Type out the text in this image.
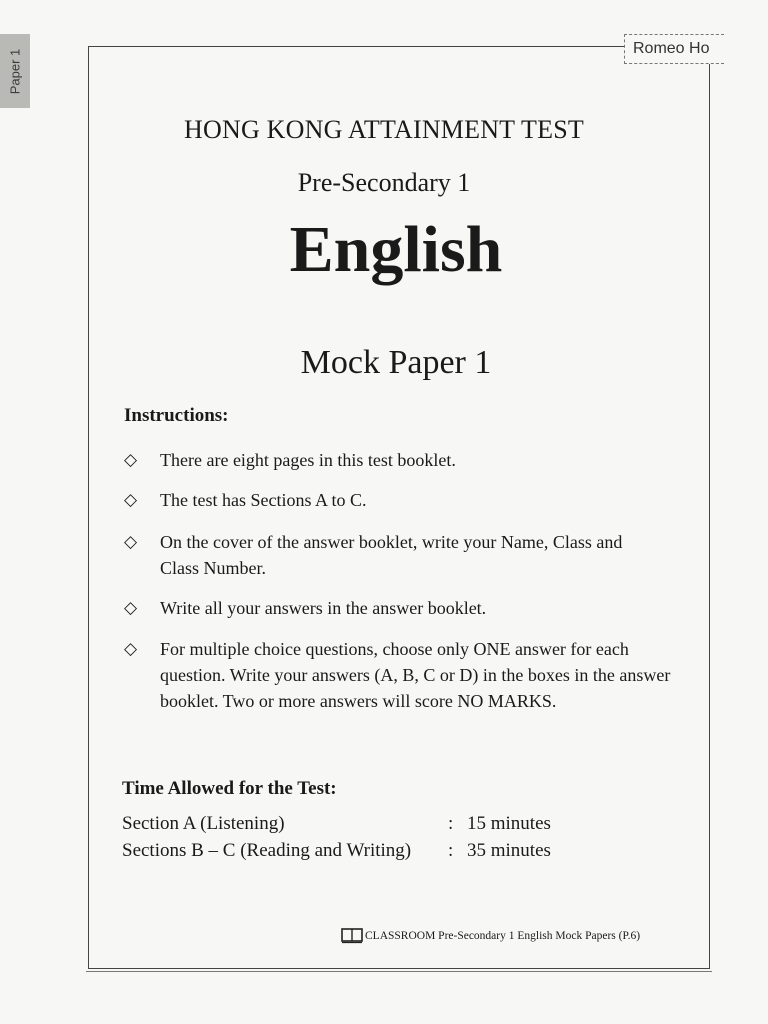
Paper 1	Romeo Ho
HONG KONG ATTAINMENT TEST
Pre-Secondary 1
English
Mock Paper 1
Instructions:
◇ There are eight pages in this test booklet.
◇ The test has Sections A to C.
◇ On the cover of the answer booklet, write your Name, Class and Class Number.
◇ Write all your answers in the answer booklet.
◇ For multiple choice questions, choose only ONE answer for each question. Write your answers (A, B, C or D) in the boxes in the answer booklet. Two or more answers will score NO MARKS.
Time Allowed for the Test:
Section A (Listening)	: 15 minutes
Sections B – C (Reading and Writing) : 35 minutes
CLASSROOM Pre-Secondary 1 English Mock Papers (P.6)
